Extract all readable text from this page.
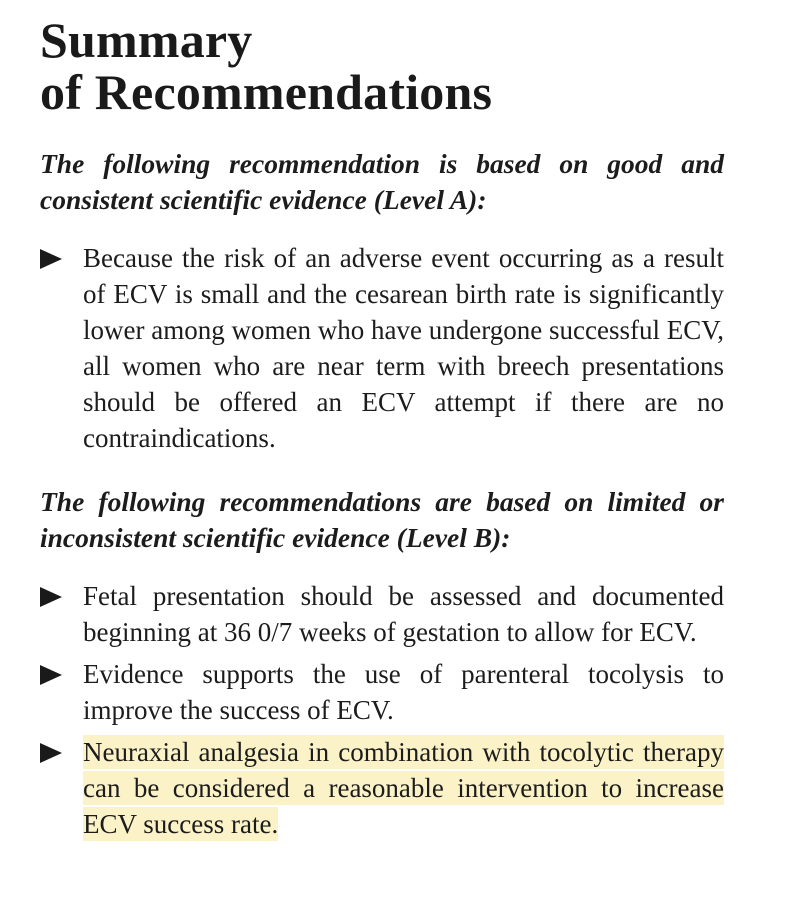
Summary
of Recommendations

The following recommendation is based on good and consistent scientific evidence (Level A):

Because the risk of an adverse event occurring as a result of ECV is small and the cesarean birth rate is significantly lower among women who have undergone successful ECV, all women who are near term with breech presentations should be offered an ECV attempt if there are no contraindications.

The following recommendations are based on limited or inconsistent scientific evidence (Level B):

Fetal presentation should be assessed and documented beginning at 36 0/7 weeks of gestation to allow for ECV.
Evidence supports the use of parenteral tocolysis to improve the success of ECV.
Neuraxial analgesia in combination with tocolytic therapy can be considered a reasonable intervention to increase ECV success rate.
